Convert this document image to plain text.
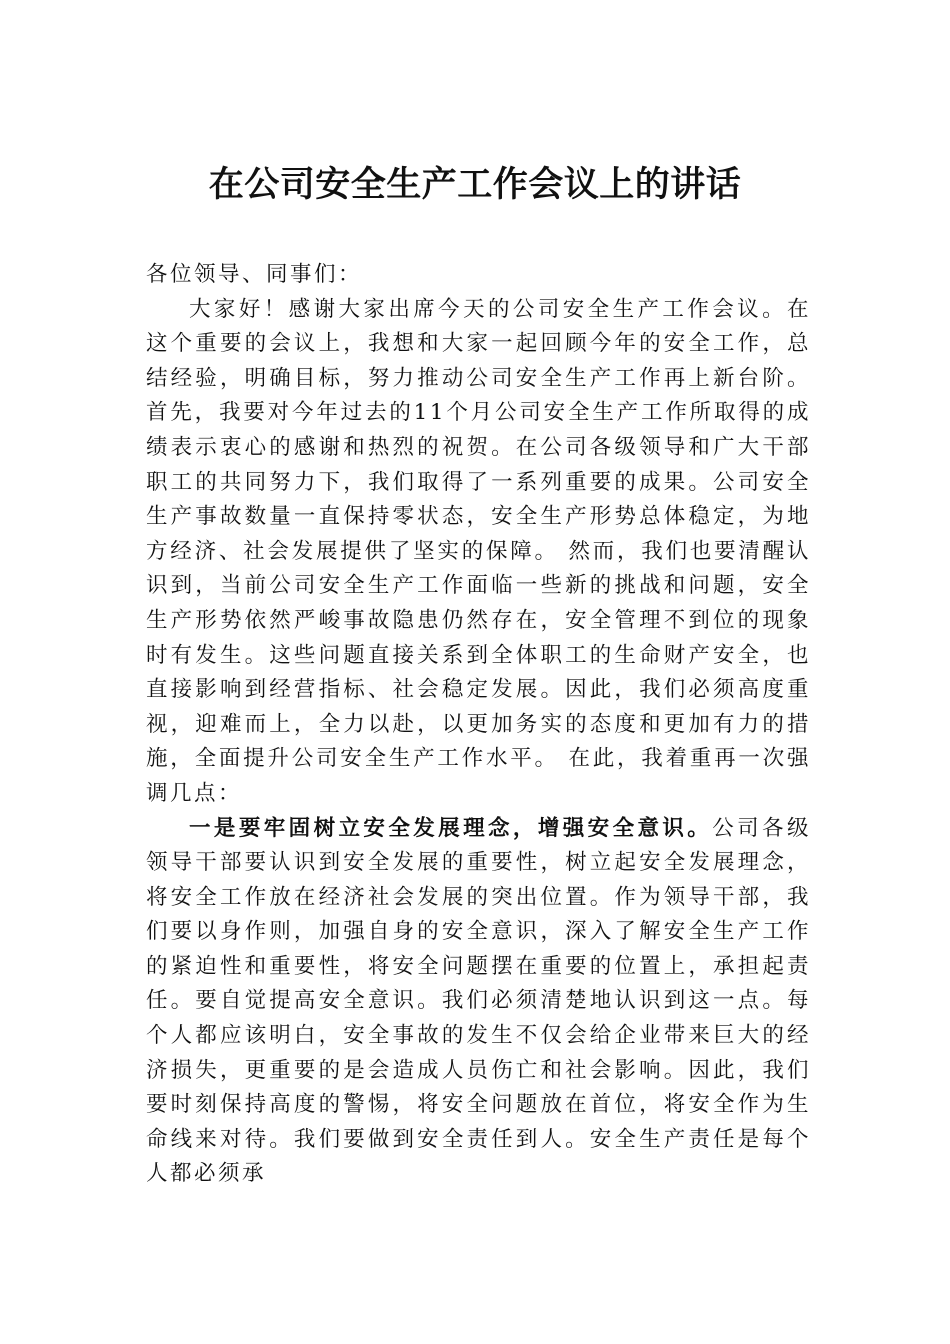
在公司安全生产工作会议上的讲话

各位领导、同事们：

大家好！感谢大家出席今天的公司安全生产工作会议。在这个重要的会议上，我想和大家一起回顾今年的安全工作，总结经验，明确目标，努力推动公司安全生产工作再上新台阶。 首先，我要对今年过去的11个月公司安全生产工作所取得的成绩表示衷心的感谢和热烈的祝贺。在公司各级领导和广大干部职工的共同努力下，我们取得了一系列重要的成果。公司安全生产事故数量一直保持零状态，安全生产形势总体稳定，为地方经济、社会发展提供了坚实的保障。 然而，我们也要清醒认识到，当前公司安全生产工作面临一些新的挑战和问题，安全生产形势依然严峻事故隐患仍然存在，安全管理不到位的现象时有发生。这些问题直接关系到全体职工的生命财产安全，也直接影响到经营指标、社会稳定发展。因此，我们必须高度重视，迎难而上，全力以赴，以更加务实的态度和更加有力的措施，全面提升公司安全生产工作水平。 在此，我着重再一次强调几点：

一是要牢固树立安全发展理念，增强安全意识。公司各级领导干部要认识到安全发展的重要性，树立起安全发展理念，将安全工作放在经济社会发展的突出位置。作为领导干部，我们要以身作则，加强自身的安全意识，深入了解安全生产工作的紧迫性和重要性，将安全问题摆在重要的位置上，承担起责任。要自觉提高安全意识。我们必须清楚地认识到这一点。每个人都应该明白，安全事故的发生不仅会给企业带来巨大的经济损失，更重要的是会造成人员伤亡和社会影响。因此，我们要时刻保持高度的警惕，将安全问题放在首位，将安全作为生命线来对待。我们要做到安全责任到人。安全生产责任是每个人都必须承
